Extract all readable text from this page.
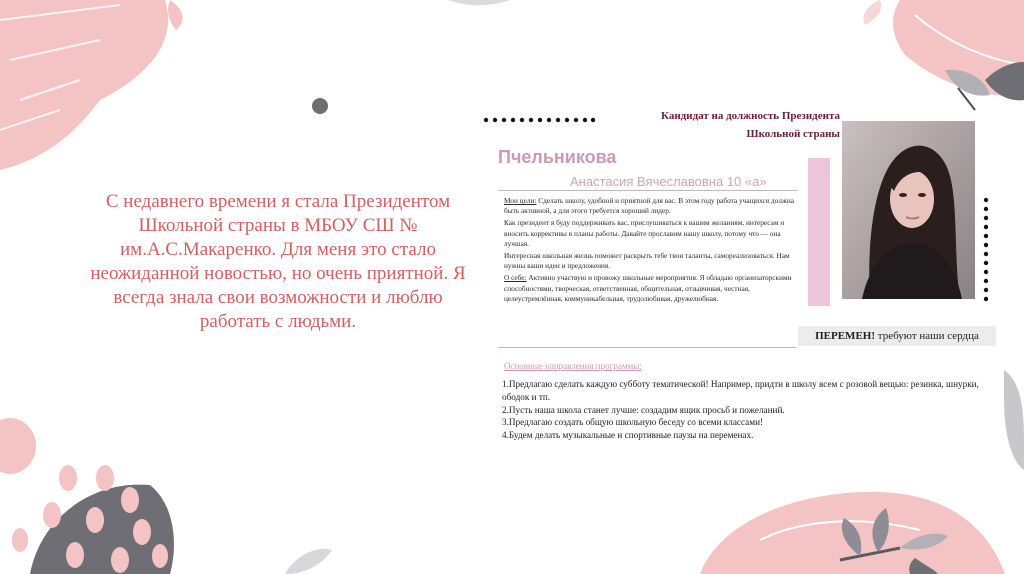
С недавнего времени я стала Президентом Школьной страны в МБОУ СШ № им.А.С.Макаренко. Для меня это стало неожиданной новостью, но очень приятной. Я всегда знала свои возможности и люблю работать с людьми.

Кандидат на должность Президента
Школьной страны
Пчельникова
Анастасия Вячеславовна 10 «а»

Мои цели: Сделать школу, удобной и приятной для вас. В этом году работа учащихся должна быть активной, а для этого требуется хороший лидер.

Как президент я буду поддерживать вас, прислушиваться к вашим желаниям, интересам и вносить коррективы в планы работы. Давайте прославим нашу школу, потому что — она лучшая.

Интересная школьная жизнь поможет раскрыть тебе твои таланты, самореализоваться. Нам нужны ваши идеи и предложения.

О себе: Активно участвую и провожу школьные мероприятия. Я обладаю организаторскими способностями, творческая, ответственная, общительная, отзывчивая, честная, целеустремлённая, коммуникабельная, трудолюбивая, дружелюбная.

ПЕРЕМЕН! требуют наши сердца
Основные направления программы:
1.Предлагаю сделать каждую субботу тематической! Например, придти в школу всем с розовой вещью: резинка, шнурки, ободок и тп.
2.Пусть наша школа станет лучше: создадим ящик просьб и пожеланий.
3.Предлагаю создать общую школьную беседу со всеми классами!
4.Будем делать музыкальные и спортивные паузы на переменах.
